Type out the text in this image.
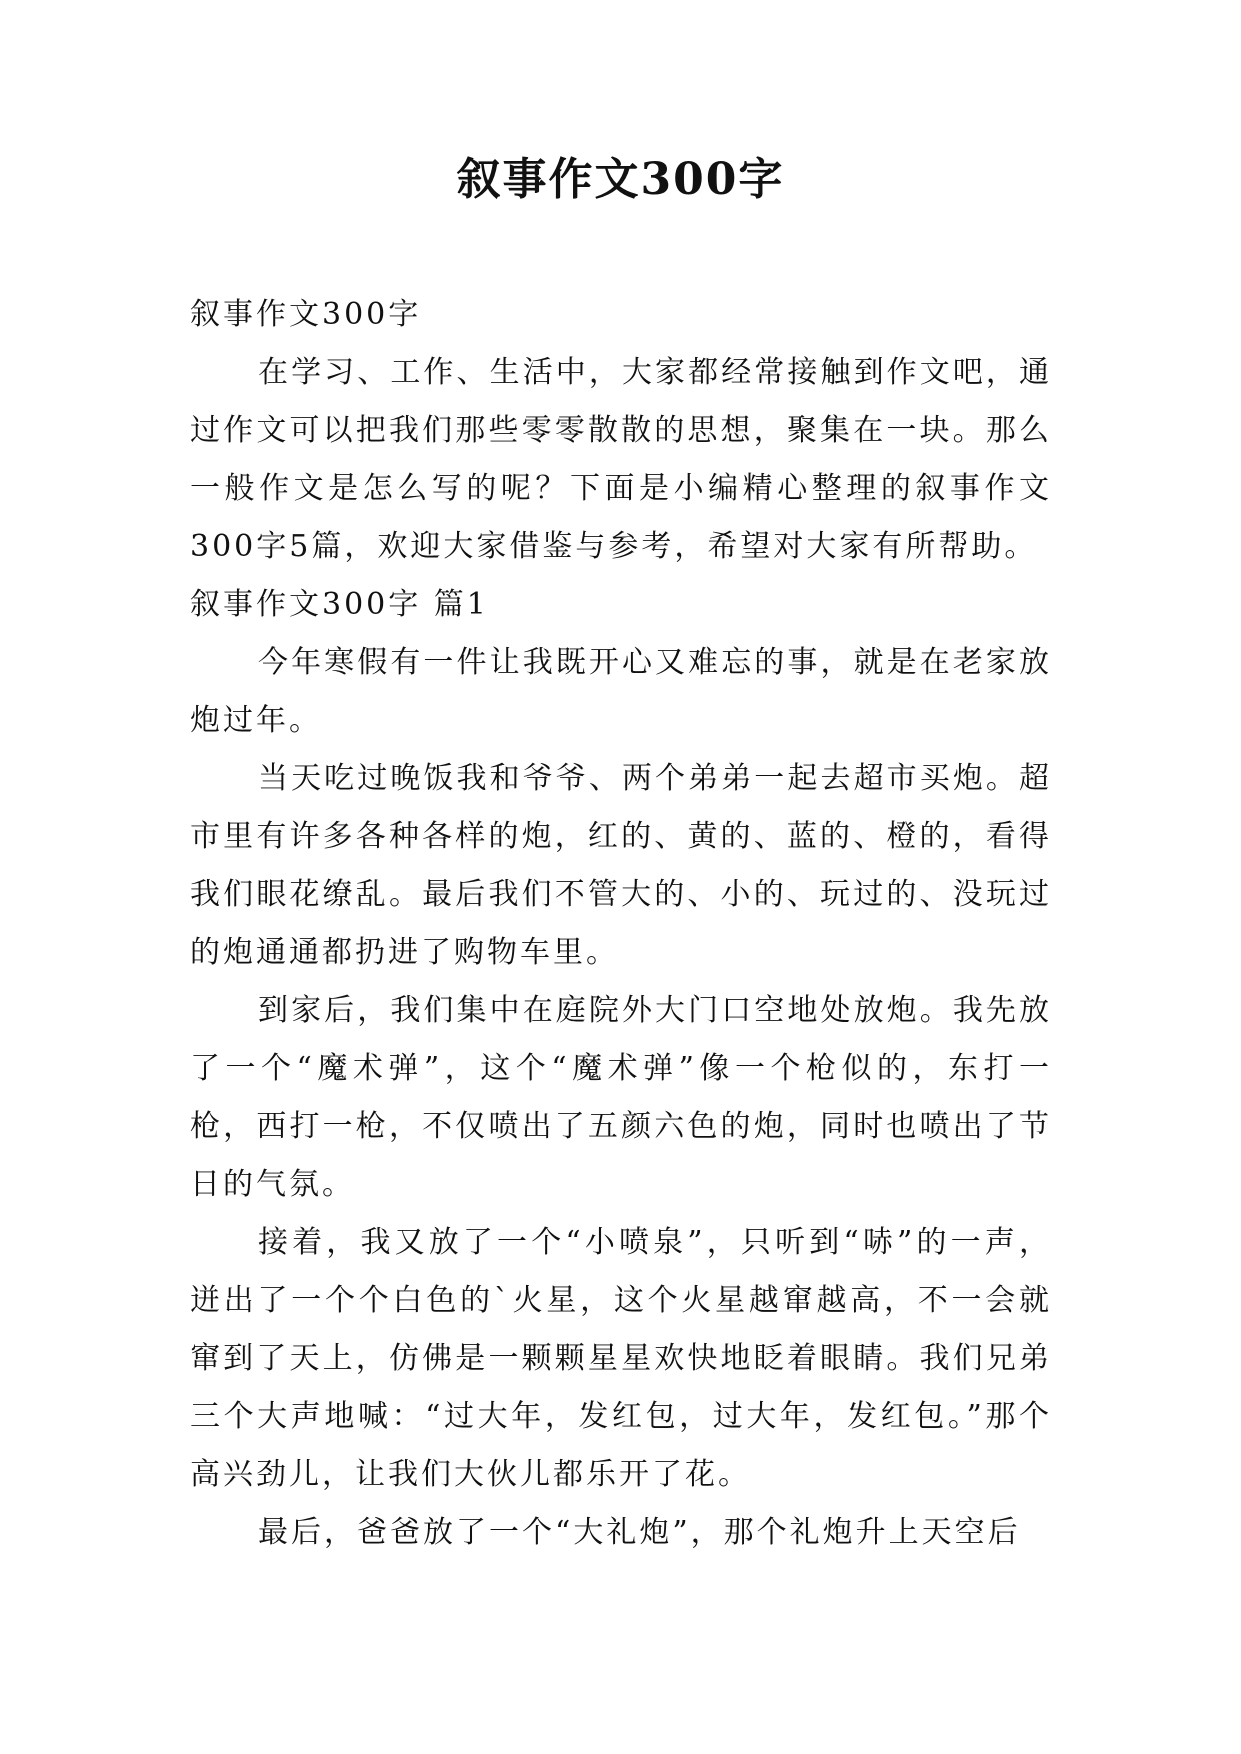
叙事作文300字

叙事作文300字

在学习、工作、生活中，大家都经常接触到作文吧，通过作文可以把我们那些零零散散的思想，聚集在一块。那么一般作文是怎么写的呢？下面是小编精心整理的叙事作文300字5篇，欢迎大家借鉴与参考，希望对大家有所帮助。

叙事作文300字 篇1

今年寒假有一件让我既开心又难忘的事，就是在老家放炮过年。

当天吃过晚饭我和爷爷、两个弟弟一起去超市买炮。超市里有许多各种各样的炮，红的、黄的、蓝的、橙的，看得我们眼花缭乱。最后我们不管大的、小的、玩过的、没玩过的炮通通都扔进了购物车里。

到家后，我们集中在庭院外大门口空地处放炮。我先放了一个“魔术弹”，这个“魔术弹”像一个枪似的，东打一枪，西打一枪，不仅喷出了五颜六色的炮，同时也喷出了节日的气氛。

接着，我又放了一个“小喷泉”，只听到“哧”的一声，迸出了一个个白色的`火星，这个火星越窜越高，不一会就窜到了天上，仿佛是一颗颗星星欢快地眨着眼睛。我们兄弟三个大声地喊：“过大年，发红包，过大年，发红包。”那个高兴劲儿，让我们大伙儿都乐开了花。

最后，爸爸放了一个“大礼炮”，那个礼炮升上天空后
